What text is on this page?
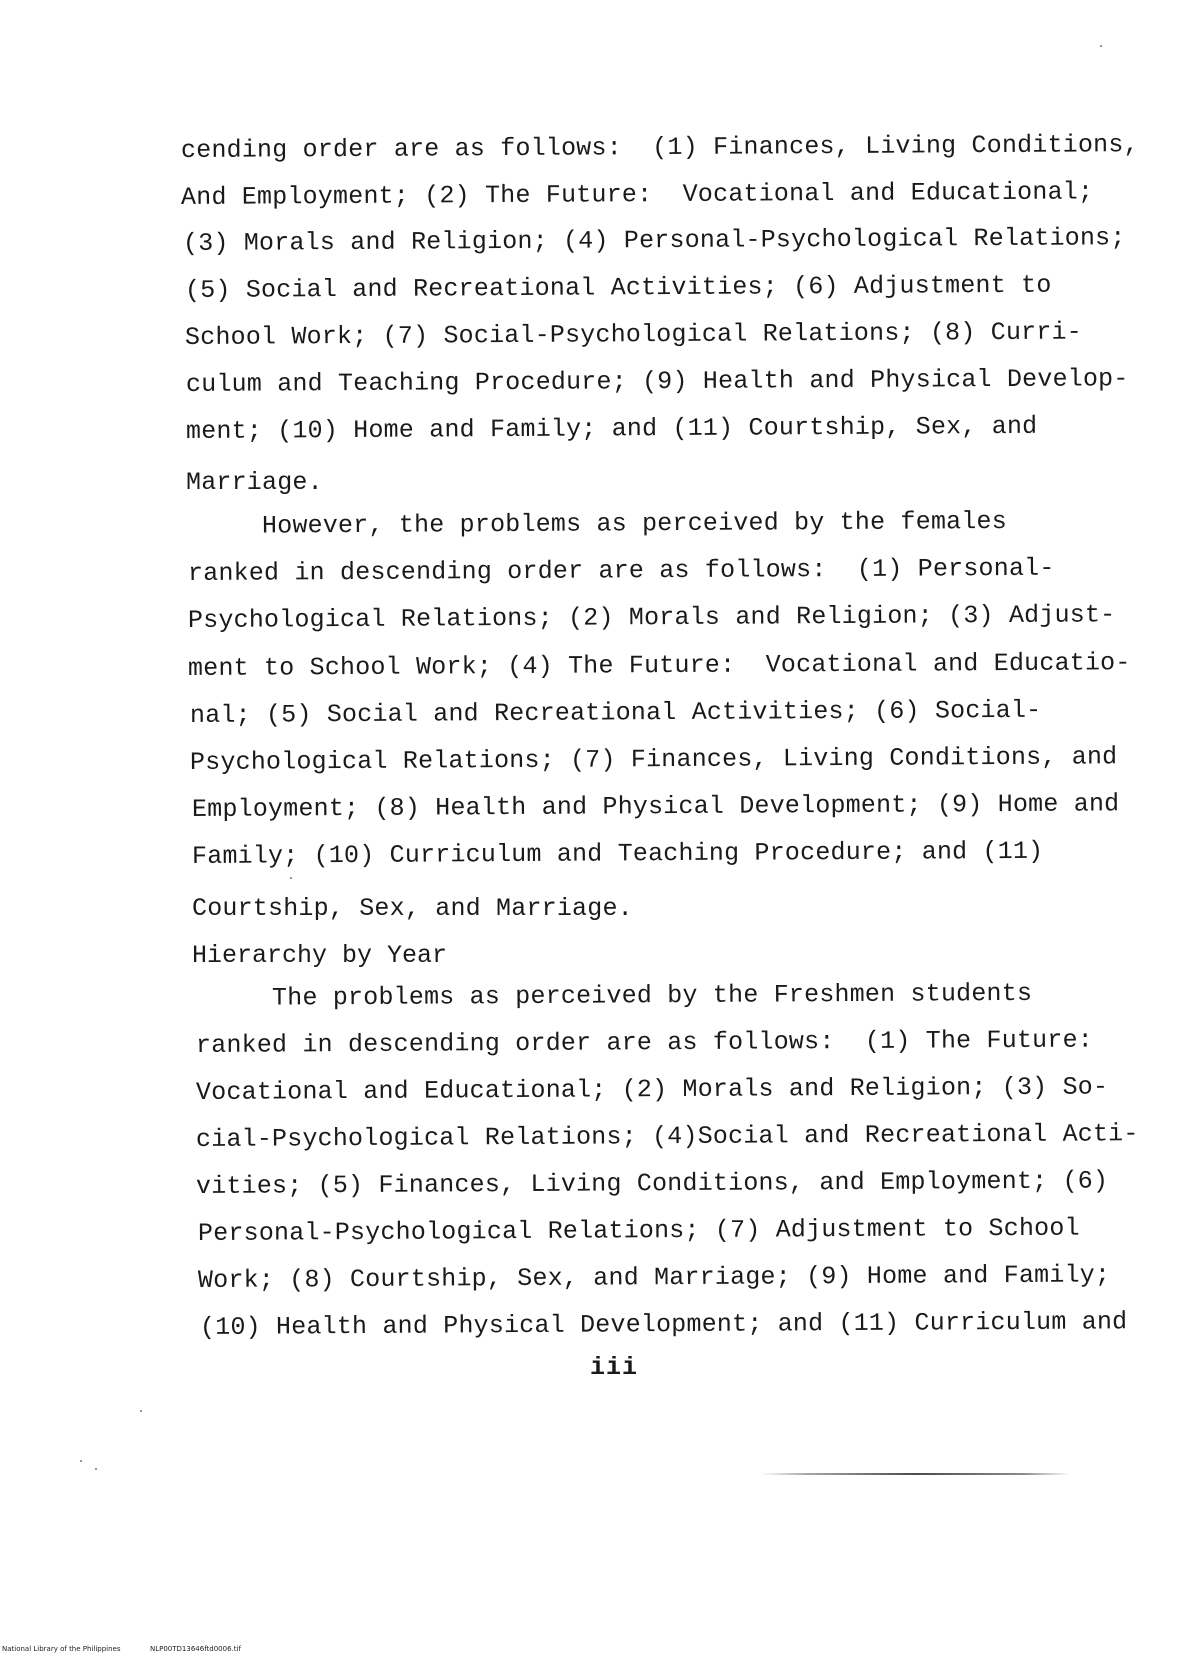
cending order are as follows:  (1) Finances, Living Conditions,
And Employment; (2) The Future:  Vocational and Educational;
(3) Morals and Religion; (4) Personal-Psychological Relations;
(5) Social and Recreational Activities; (6) Adjustment to
School Work; (7) Social-Psychological Relations; (8) Curri-
culum and Teaching Procedure; (9) Health and Physical Develop-
ment; (10) Home and Family; and (11) Courtship, Sex, and
Marriage.
However, the problems as perceived by the females
ranked in descending order are as follows:  (1) Personal-
Psychological Relations; (2) Morals and Religion; (3) Adjust-
ment to School Work; (4) The Future:  Vocational and Educatio-
nal; (5) Social and Recreational Activities; (6) Social-
Psychological Relations; (7) Finances, Living Conditions, and
Employment; (8) Health and Physical Development; (9) Home and
Family; (10) Curriculum and Teaching Procedure; and (11)
Courtship, Sex, and Marriage.
Hierarchy by Year
The problems as perceived by the Freshmen students
ranked in descending order are as follows:  (1) The Future:
Vocational and Educational; (2) Morals and Religion; (3) So-
cial-Psychological Relations; (4)Social and Recreational Acti-
vities; (5) Finances, Living Conditions, and Employment; (6)
Personal-Psychological Relations; (7) Adjustment to School
Work; (8) Courtship, Sex, and Marriage; (9) Home and Family;
(10) Health and Physical Development; and (11) Curriculum and
iii
National Library of the Philippines	NLP00TD13646ftd0006.tif
